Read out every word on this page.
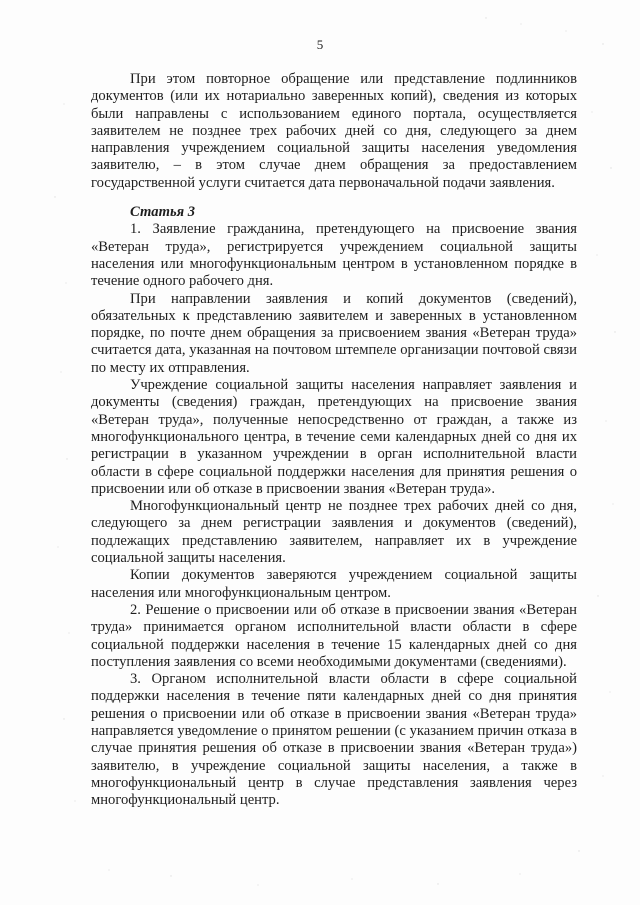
5

При этом повторное обращение или представление подлинников документов (или их нотариально заверенных копий), сведения из которых были направлены с использованием единого портала, осуществляется заявителем не позднее трех рабочих дней со дня, следующего за днем направления учреждением социальной защиты населения уведомления заявителю, – в этом случае днем обращения за предоставлением государственной услуги считается дата первоначальной подачи заявления.

Статья 3

1. Заявление гражданина, претендующего на присвоение звания «Ветеран труда», регистрируется учреждением социальной защиты населения или многофункциональным центром в установленном порядке в течение одного рабочего дня.

При направлении заявления и копий документов (сведений), обязательных к представлению заявителем и заверенных в установленном порядке, по почте днем обращения за присвоением звания «Ветеран труда» считается дата, указанная на почтовом штемпеле организации почтовой связи по месту их отправления.

Учреждение социальной защиты населения направляет заявления и документы (сведения) граждан, претендующих на присвоение звания «Ветеран труда», полученные непосредственно от граждан, а также из многофункционального центра, в течение семи календарных дней со дня их регистрации в указанном учреждении в орган исполнительной власти области в сфере социальной поддержки населения для принятия решения о присвоении или об отказе в присвоении звания «Ветеран труда».

Многофункциональный центр не позднее трех рабочих дней со дня, следующего за днем регистрации заявления и документов (сведений), подлежащих представлению заявителем, направляет их в учреждение социальной защиты населения.

Копии документов заверяются учреждением социальной защиты населения или многофункциональным центром.

2. Решение о присвоении или об отказе в присвоении звания «Ветеран труда» принимается органом исполнительной власти области в сфере социальной поддержки населения в течение 15 календарных дней со дня поступления заявления со всеми необходимыми документами (сведениями).

3. Органом исполнительной власти области в сфере социальной поддержки населения в течение пяти календарных дней со дня принятия решения о присвоении или об отказе в присвоении звания «Ветеран труда» направляется уведомление о принятом решении (с указанием причин отказа в случае принятия решения об отказе в присвоении звания «Ветеран труда») заявителю, в учреждение социальной защиты населения, а также в многофункциональный центр в случае представления заявления через многофункциональный центр.
